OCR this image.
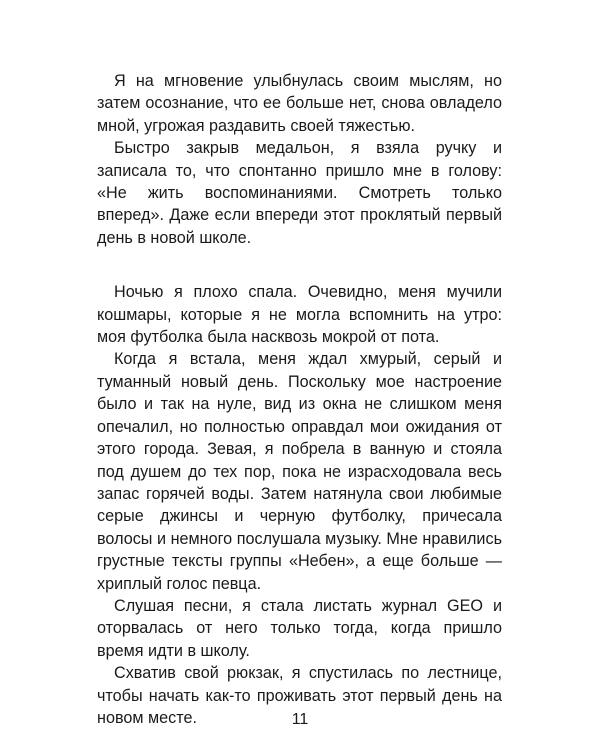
Я на мгновение улыбнулась своим мыслям, но затем осознание, что ее больше нет, снова овладело мной, угрожая раздавить своей тяжестью.

Быстро закрыв медальон, я взяла ручку и записала то, что спонтанно пришло мне в голову: «Не жить воспоминаниями. Смотреть только вперед». Даже если впереди этот проклятый первый день в новой школе.

Ночью я плохо спала. Очевидно, меня мучили кошмары, которые я не могла вспомнить на утро: моя футболка была насквозь мокрой от пота.

Когда я встала, меня ждал хмурый, серый и туманный новый день. Поскольку мое настроение было и так на нуле, вид из окна не слишком меня опечалил, но полностью оправдал мои ожидания от этого города. Зевая, я побрела в ванную и стояла под душем до тех пор, пока не израсходовала весь запас горячей воды. Затем натянула свои любимые серые джинсы и черную футболку, причесала волосы и немного послушала музыку. Мне нравились грустные тексты группы «Небен», а еще больше — хриплый голос певца.

Слушая песни, я стала листать журнал GEO и оторвалась от него только тогда, когда пришло время идти в школу.

Схватив свой рюкзак, я спустилась по лестнице, чтобы начать как-то проживать этот первый день на новом месте.	11
